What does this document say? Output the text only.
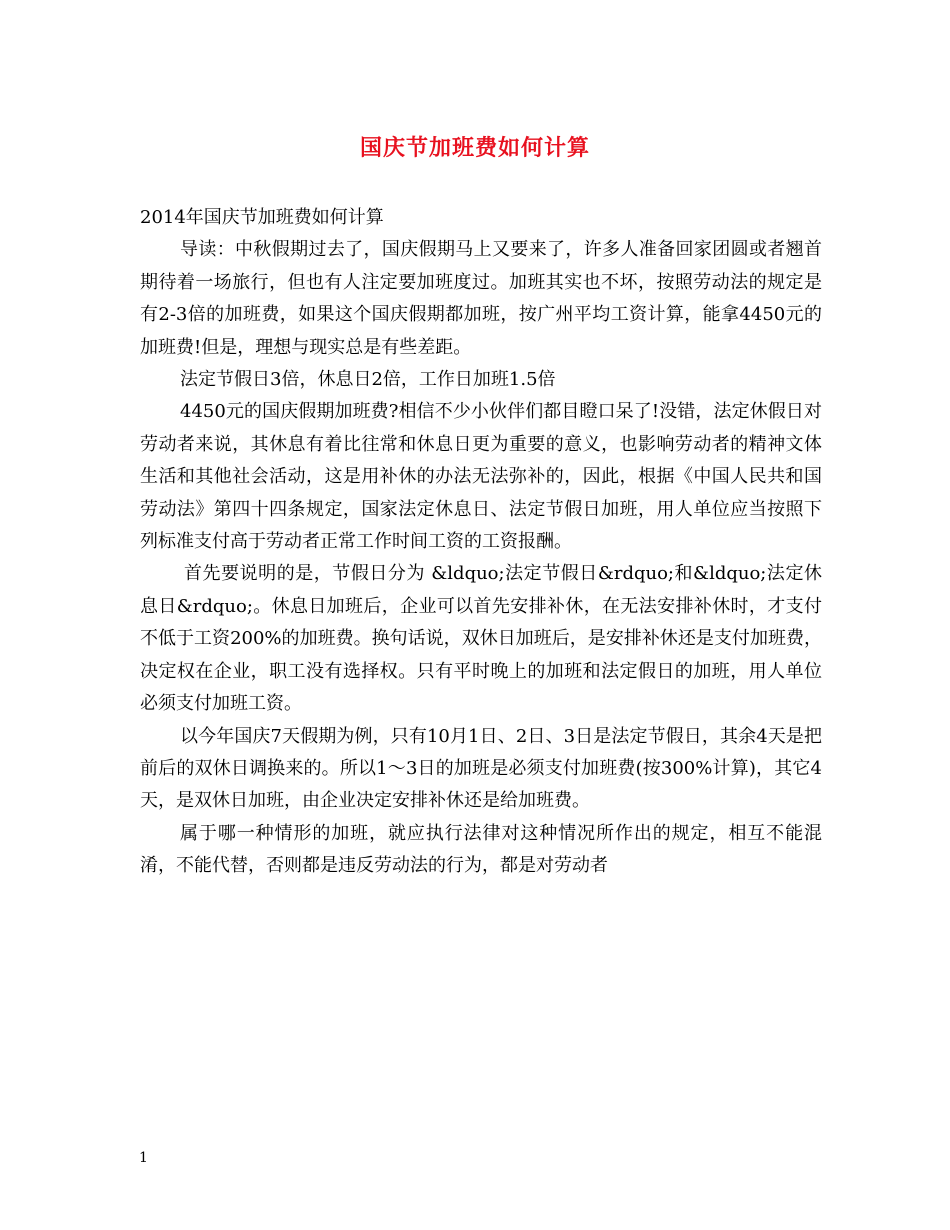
国庆节加班费如何计算

2014年国庆节加班费如何计算

导读：中秋假期过去了，国庆假期马上又要来了，许多人准备回家团圆或者翘首期待着一场旅行，但也有人注定要加班度过。加班其实也不坏，按照劳动法的规定是有2-3倍的加班费，如果这个国庆假期都加班，按广州平均工资计算，能拿4450元的加班费!但是，理想与现实总是有些差距。

法定节假日3倍，休息日2倍，工作日加班1.5倍

4450元的国庆假期加班费?相信不少小伙伴们都目瞪口呆了!没错，法定休假日对劳动者来说，其休息有着比往常和休息日更为重要的意义，也影响劳动者的精神文体生活和其他社会活动，这是用补休的办法无法弥补的，因此，根据《中国人民共和国劳动法》第四十四条规定，国家法定休息日、法定节假日加班，用人单位应当按照下列标准支付高于劳动者正常工作时间工资的工资报酬。

首先要说明的是，节假日分为 &ldquo;法定节假日&rdquo;和&ldquo;法定休息日&rdquo;。休息日加班后，企业可以首先安排补休，在无法安排补休时，才支付不低于工资200%的加班费。换句话说，双休日加班后，是安排补休还是支付加班费，决定权在企业，职工没有选择权。只有平时晚上的加班和法定假日的加班，用人单位必须支付加班工资。

以今年国庆7天假期为例，只有10月1日、2日、3日是法定节假日，其余4天是把前后的双休日调换来的。所以1～3日的加班是必须支付加班费(按300%计算)，其它4天，是双休日加班，由企业决定安排补休还是给加班费。

属于哪一种情形的加班，就应执行法律对这种情况所作出的规定，相互不能混淆，不能代替，否则都是违反劳动法的行为，都是对劳动者

1
